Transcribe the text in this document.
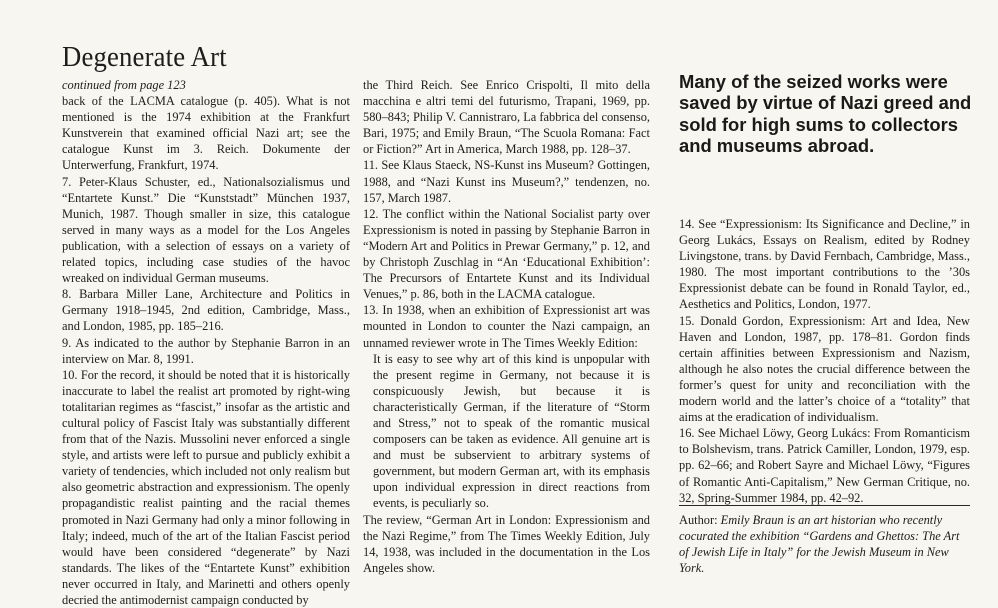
Degenerate Art

continued from page 123

back of the LACMA catalogue (p. 405). What is not mentioned is the 1974 exhibition at the Frankfurt Kunstverein that examined official Nazi art; see the catalogue Kunst im 3. Reich. Dokumente der Unterwerfung, Frankfurt, 1974.

7. Peter-Klaus Schuster, ed., Nationalsozialismus und “Entartete Kunst.” Die “Kunststadt” München 1937, Munich, 1987. Though smaller in size, this catalogue served in many ways as a model for the Los Angeles publication, with a selection of essays on a variety of related topics, including case studies of the havoc wreaked on individual German museums.

8. Barbara Miller Lane, Architecture and Politics in Germany 1918–1945, 2nd edition, Cambridge, Mass., and London, 1985, pp. 185–216.

9. As indicated to the author by Stephanie Barron in an interview on Mar. 8, 1991.

10. For the record, it should be noted that it is historically inaccurate to label the realist art promoted by right-wing totalitarian regimes as “fascist,” insofar as the artistic and cultural policy of Fascist Italy was substantially different from that of the Nazis. Mussolini never enforced a single style, and artists were left to pursue and publicly exhibit a variety of tendencies, which included not only realism but also geometric abstraction and expressionism. The openly propagandistic realist painting and the racial themes promoted in Nazi Germany had only a minor following in Italy; indeed, much of the art of the Italian Fascist period would have been considered “degenerate” by Nazi standards. The likes of the “Entartete Kunst” exhibition never occurred in Italy, and Marinetti and others openly decried the antimodernist campaign conducted by

the Third Reich. See Enrico Crispolti, Il mito della macchina e altri temi del futurismo, Trapani, 1969, pp. 580–843; Philip V. Cannistraro, La fabbrica del consenso, Bari, 1975; and Emily Braun, “The Scuola Romana: Fact or Fiction?” Art in America, March 1988, pp. 128–37.

11. See Klaus Staeck, NS-Kunst ins Museum? Gottingen, 1988, and “Nazi Kunst ins Museum?,” tendenzen, no. 157, March 1987.

12. The conflict within the National Socialist party over Expressionism is noted in passing by Stephanie Barron in “Modern Art and Politics in Prewar Germany,” p. 12, and by Christoph Zuschlag in “An ‘Educational Exhibition’: The Precursors of Entartete Kunst and its Individual Venues,” p. 86, both in the LACMA catalogue.

13. In 1938, when an exhibition of Expressionist art was mounted in London to counter the Nazi campaign, an unnamed reviewer wrote in The Times Weekly Edition:

It is easy to see why art of this kind is unpopular with the present regime in Germany, not because it is conspicuously Jewish, but because it is characteristically German, if the literature of “Storm and Stress,” not to speak of the romantic musical composers can be taken as evidence. All genuine art is and must be subservient to arbitrary systems of government, but modern German art, with its emphasis upon individual expression in direct reactions from events, is peculiarly so.

The review, “German Art in London: Expressionism and the Nazi Regime,” from The Times Weekly Edition, July 14, 1938, was included in the documentation in the Los Angeles show.

Many of the seized works were saved by virtue of Nazi greed and sold for high sums to collectors and museums abroad.

14. See “Expressionism: Its Significance and Decline,” in Georg Lukács, Essays on Realism, edited by Rodney Livingstone, trans. by David Fernbach, Cambridge, Mass., 1980. The most important contributions to the ’30s Expressionist debate can be found in Ronald Taylor, ed., Aesthetics and Politics, London, 1977.

15. Donald Gordon, Expressionism: Art and Idea, New Haven and London, 1987, pp. 178–81. Gordon finds certain affinities between Expressionism and Nazism, although he also notes the crucial difference between the former’s quest for unity and reconciliation with the modern world and the latter’s choice of a “totality” that aims at the eradication of individualism.

16. See Michael Löwy, Georg Lukács: From Romanticism to Bolshevism, trans. Patrick Camiller, London, 1979, esp. pp. 62–66; and Robert Sayre and Michael Löwy, “Figures of Romantic Anti-Capitalism,” New German Critique, no. 32, Spring-Summer 1984, pp. 42–92.

Author: Emily Braun is an art historian who recently cocurated the exhibition “Gardens and Ghettos: The Art of Jewish Life in Italy” for the Jewish Museum in New York.
